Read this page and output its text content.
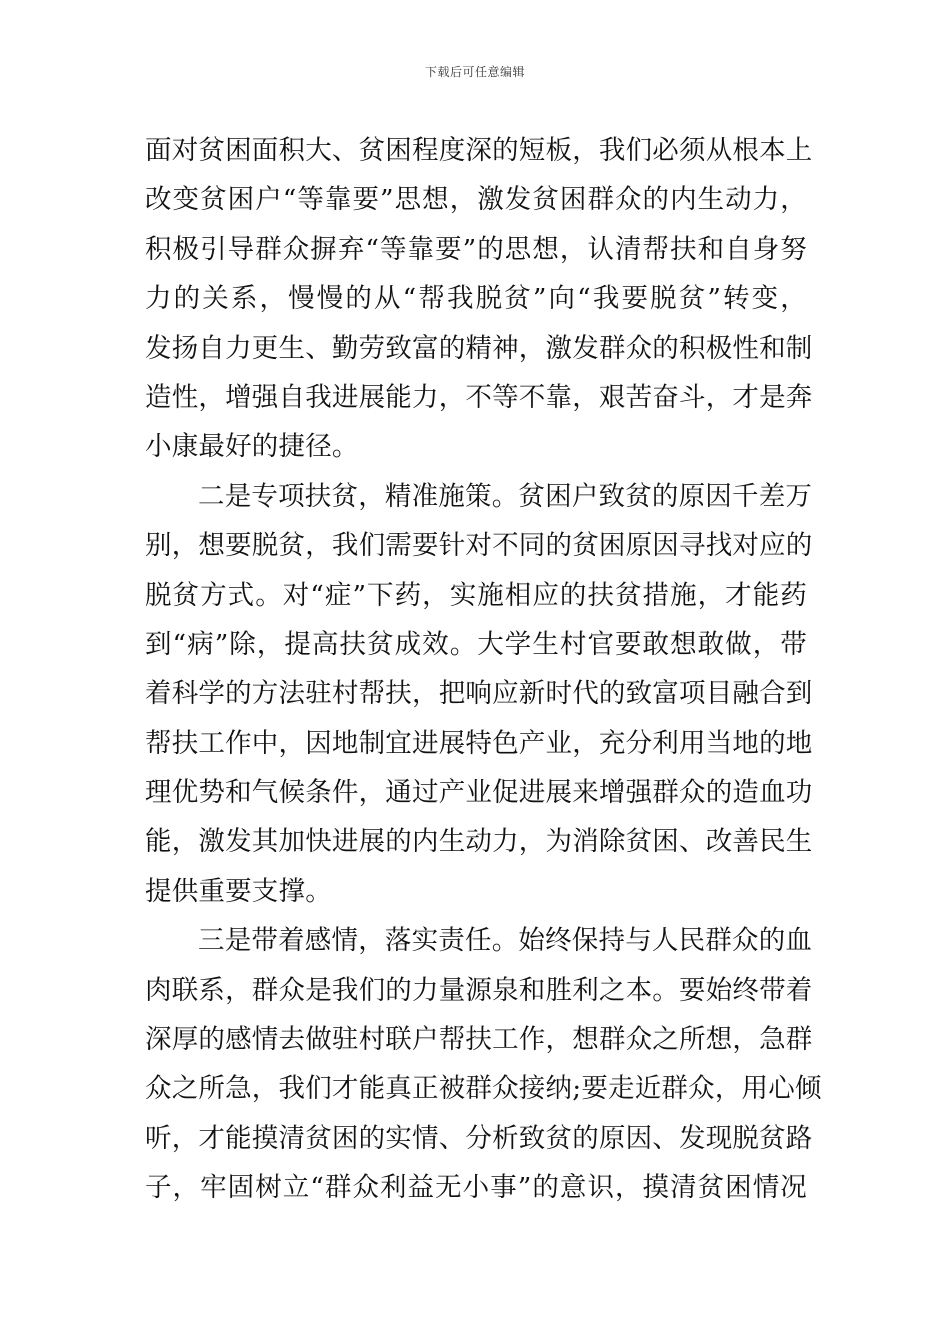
下载后可任意编辑
面对贫困面积大、贫困程度深的短板，我们必须从根本上
改变贫困户“等靠要”思想，激发贫困群众的内生动力，
积极引导群众摒弃“等靠要”的思想，认清帮扶和自身努
力的关系，慢慢的从“帮我脱贫”向“我要脱贫”转变，
发扬自力更生、勤劳致富的精神，激发群众的积极性和制
造性，增强自我进展能力，不等不靠，艰苦奋斗，才是奔
小康最好的捷径。
二是专项扶贫，精准施策。贫困户致贫的原因千差万
别，想要脱贫，我们需要针对不同的贫困原因寻找对应的
脱贫方式。对“症”下药，实施相应的扶贫措施，才能药
到“病”除，提高扶贫成效。大学生村官要敢想敢做，带
着科学的方法驻村帮扶，把响应新时代的致富项目融合到
帮扶工作中，因地制宜进展特色产业，充分利用当地的地
理优势和气候条件，通过产业促进展来增强群众的造血功
能，激发其加快进展的内生动力，为消除贫困、改善民生
提供重要支撑。
三是带着感情，落实责任。始终保持与人民群众的血
肉联系，群众是我们的力量源泉和胜利之本。要始终带着
深厚的感情去做驻村联户帮扶工作，想群众之所想，急群
众之所急，我们才能真正被群众接纳;要走近群众，用心倾
听，才能摸清贫困的实情、分析致贫的原因、发现脱贫路
子，牢固树立“群众利益无小事”的意识，摸清贫困情况
